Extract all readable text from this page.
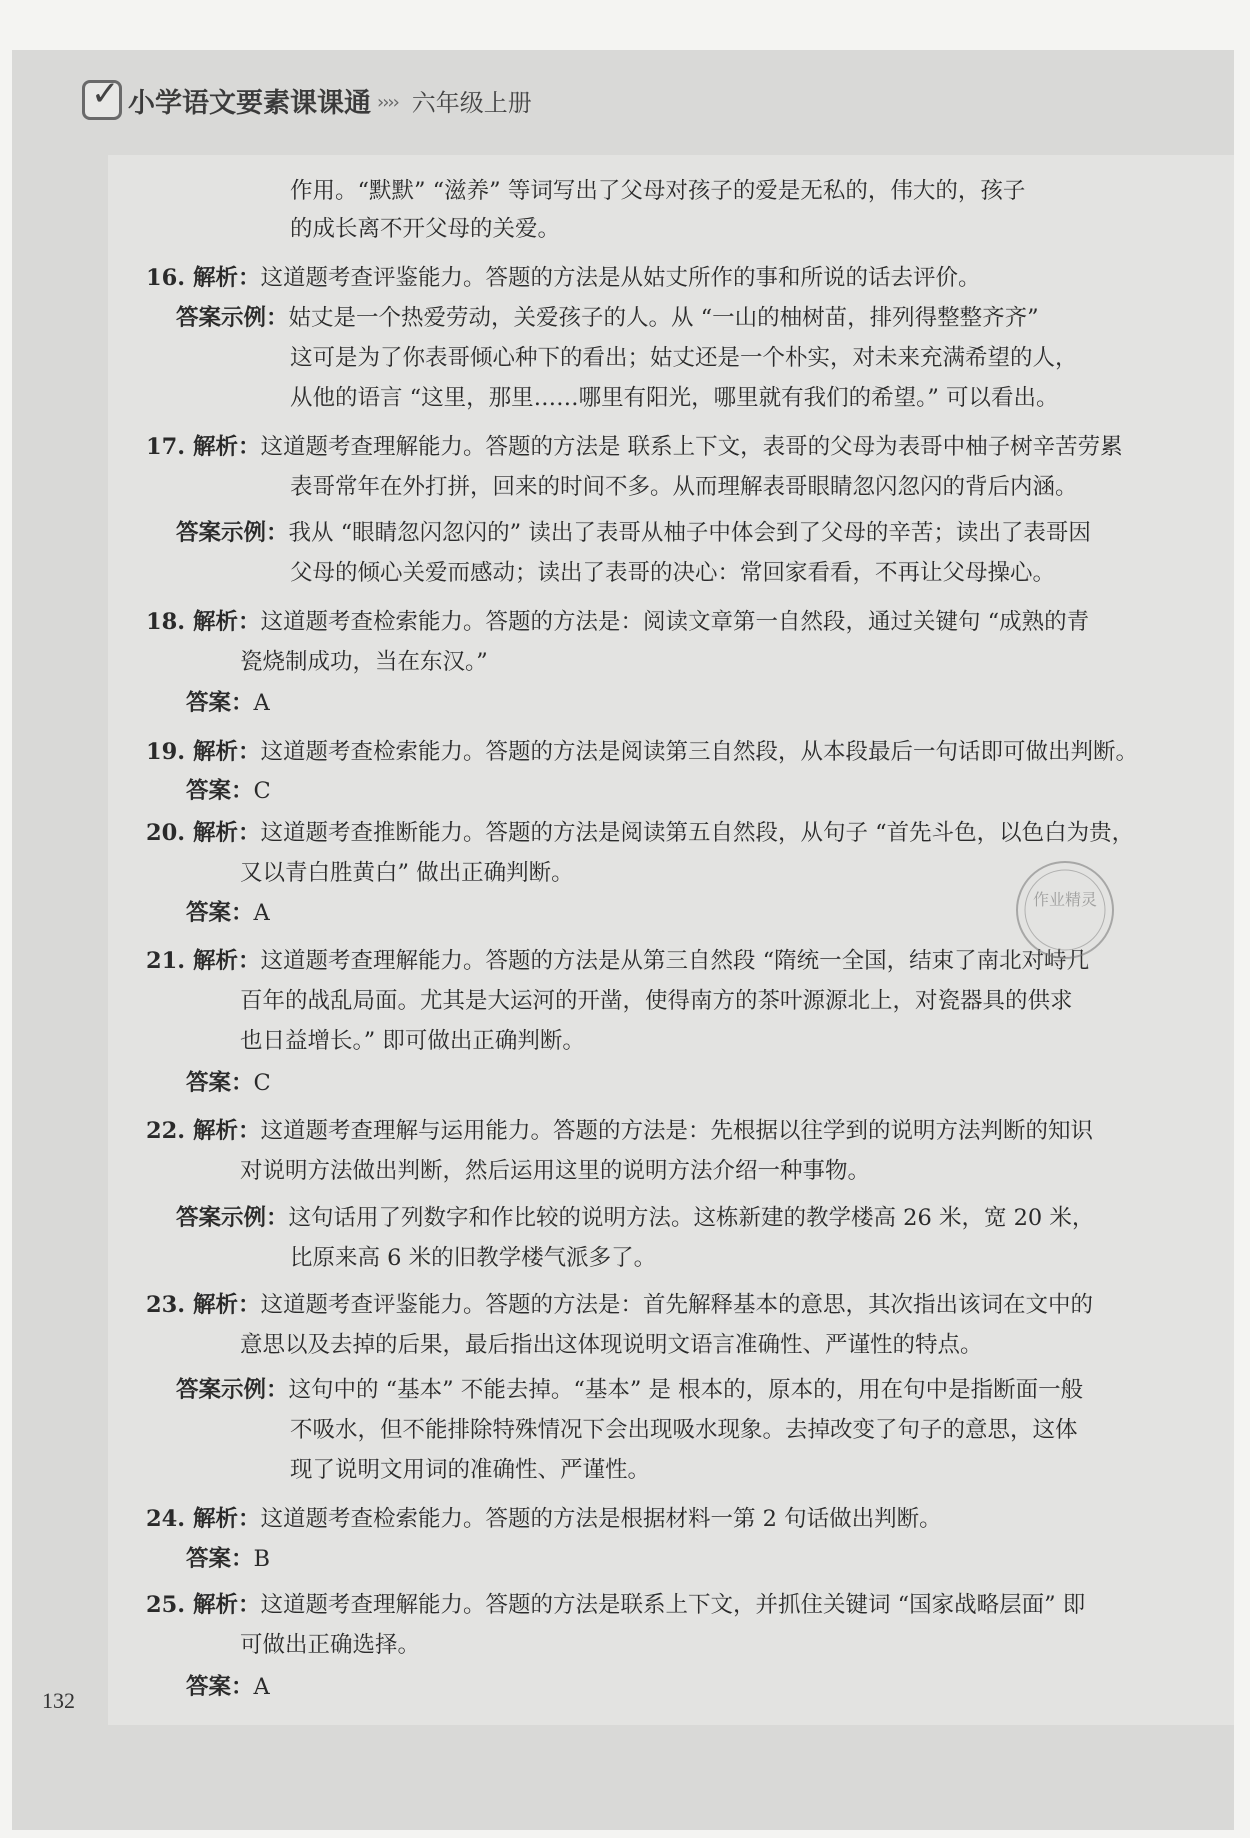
✓ 小学语文要素课课通 ›››› 六年级上册
作用。“默默” “滋养” 等词写出了父母对孩子的爱是无私的，伟大的，孩子
的成长离不开父母的关爱。
16. 解析：这道题考查评鉴能力。答题的方法是从姑丈所作的事和所说的话去评价。
答案示例：姑丈是一个热爱劳动，关爱孩子的人。从 “一山的柚树苗，排列得整整齐齐”
这可是为了你表哥倾心种下的看出；姑丈还是一个朴实，对未来充满希望的人，
从他的语言 “这里，那里……哪里有阳光，哪里就有我们的希望。” 可以看出。
17. 解析：这道题考查理解能力。答题的方法是 联系上下文，表哥的父母为表哥中柚子树辛苦劳累
表哥常年在外打拼，回来的时间不多。从而理解表哥眼睛忽闪忽闪的背后内涵。
答案示例：我从 “眼睛忽闪忽闪的” 读出了表哥从柚子中体会到了父母的辛苦；读出了表哥因
父母的倾心关爱而感动；读出了表哥的决心：常回家看看，不再让父母操心。
18. 解析：这道题考查检索能力。答题的方法是：阅读文章第一自然段，通过关键句 “成熟的青
瓷烧制成功，当在东汉。”
答案：A
19. 解析：这道题考查检索能力。答题的方法是阅读第三自然段，从本段最后一句话即可做出判断。
答案：C
20. 解析：这道题考查推断能力。答题的方法是阅读第五自然段，从句子 “首先斗色，以色白为贵，
又以青白胜黄白” 做出正确判断。
答案：A
21. 解析：这道题考查理解能力。答题的方法是从第三自然段 “隋统一全国，结束了南北对峙几
百年的战乱局面。尤其是大运河的开凿，使得南方的茶叶源源北上，对瓷器具的供求
也日益增长。” 即可做出正确判断。
答案：C
22. 解析：这道题考查理解与运用能力。答题的方法是：先根据以往学到的说明方法判断的知识
对说明方法做出判断，然后运用这里的说明方法介绍一种事物。
答案示例：这句话用了列数字和作比较的说明方法。这栋新建的教学楼高 26 米，宽 20 米，
比原来高 6 米的旧教学楼气派多了。
23. 解析：这道题考查评鉴能力。答题的方法是：首先解释基本的意思，其次指出该词在文中的
意思以及去掉的后果，最后指出这体现说明文语言准确性、严谨性的特点。
答案示例：这句中的 “基本” 不能去掉。“基本” 是 根本的，原本的，用在句中是指断面一般
不吸水，但不能排除特殊情况下会出现吸水现象。去掉改变了句子的意思，这体
现了说明文用词的准确性、严谨性。
24. 解析：这道题考查检索能力。答题的方法是根据材料一第 2 句话做出判断。
答案：B
25. 解析：这道题考查理解能力。答题的方法是联系上下文，并抓住关键词 “国家战略层面” 即
可做出正确选择。
答案：A
作业精灵
132
